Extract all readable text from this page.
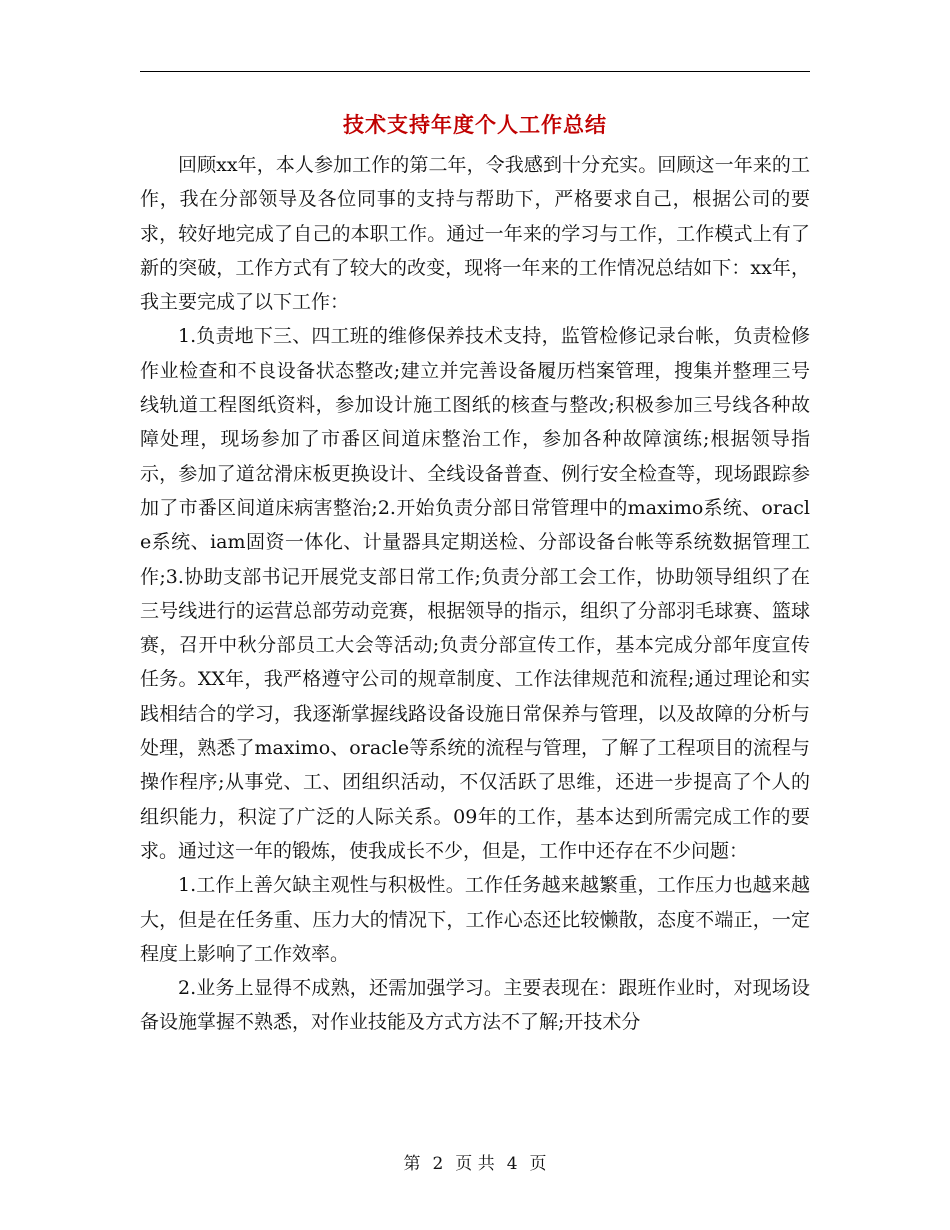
技术支持年度个人工作总结

回顾xx年，本人参加工作的第二年，令我感到十分充实。回顾这一年来的工作，我在分部领导及各位同事的支持与帮助下，严格要求自己，根据公司的要求，较好地完成了自己的本职工作。通过一年来的学习与工作，工作模式上有了新的突破，工作方式有了较大的改变，现将一年来的工作情况总结如下：xx年，我主要完成了以下工作：

1.负责地下三、四工班的维修保养技术支持，监管检修记录台帐，负责检修作业检查和不良设备状态整改;建立并完善设备履历档案管理，搜集并整理三号线轨道工程图纸资料，参加设计施工图纸的核查与整改;积极参加三号线各种故障处理，现场参加了市番区间道床整治工作，参加各种故障演练;根据领导指示，参加了道岔滑床板更换设计、全线设备普查、例行安全检查等，现场跟踪参加了市番区间道床病害整治;2.开始负责分部日常管理中的maximo系统、oracle系统、iam固资一体化、计量器具定期送检、分部设备台帐等系统数据管理工作;3.协助支部书记开展党支部日常工作;负责分部工会工作，协助领导组织了在三号线进行的运营总部劳动竞赛，根据领导的指示，组织了分部羽毛球赛、篮球赛，召开中秋分部员工大会等活动;负责分部宣传工作，基本完成分部年度宣传任务。XX年，我严格遵守公司的规章制度、工作法律规范和流程;通过理论和实践相结合的学习，我逐渐掌握线路设备设施日常保养与管理，以及故障的分析与处理，熟悉了maximo、oracle等系统的流程与管理，了解了工程项目的流程与操作程序;从事党、工、团组织活动，不仅活跃了思维，还进一步提高了个人的组织能力，积淀了广泛的人际关系。09年的工作，基本达到所需完成工作的要求。通过这一年的锻炼，使我成长不少，但是，工作中还存在不少问题：

1.工作上善欠缺主观性与积极性。工作任务越来越繁重，工作压力也越来越大，但是在任务重、压力大的情况下，工作心态还比较懒散，态度不端正，一定程度上影响了工作效率。

2.业务上显得不成熟，还需加强学习。主要表现在：跟班作业时，对现场设备设施掌握不熟悉，对作业技能及方式方法不了解;开技术分

第 2 页 共 4 页
